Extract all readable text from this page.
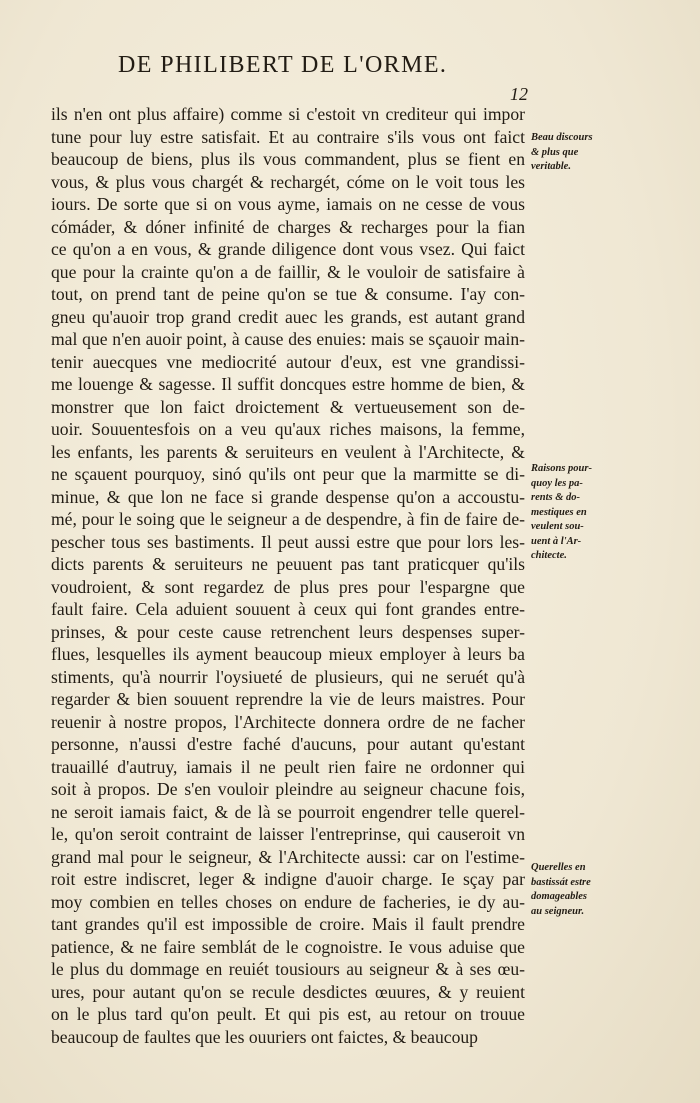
DE PHILIBERT DE L'ORME.
12
ils n'en ont plus affaire) comme si c'estoit vn crediteur qui impor
tune pour luy estre satisfait. Et au contraire s'ils vous ont faict
beaucoup de biens, plus ils vous commandent, plus se fient en
vous, & plus vous chargét & rechargét, cóme on le voit tous les
iours. De sorte que si on vous ayme, iamais on ne cesse de vous
cómáder, & dóner infinité de charges & recharges pour la fian
ce qu'on a en vous, & grande diligence dont vous vsez. Qui faict
que pour la crainte qu'on a de faillir, & le vouloir de satisfaire à
tout, on prend tant de peine qu'on se tue & consume. I'ay con-
gneu qu'auoir trop grand credit auec les grands, est autant grand
mal que n'en auoir point, à cause des enuies: mais se sçauoir main-
tenir auecques vne mediocrité autour d'eux, est vne grandissi-
me louenge & sagesse. Il suffit doncques estre homme de bien, &
monstrer que lon faict droictement & vertueusement son de-
uoir. Souuentesfois on a veu qu'aux riches maisons, la femme,
les enfants, les parents & seruiteurs en veulent à l'Architecte, &
ne sçauent pourquoy, sinó qu'ils ont peur que la marmitte se di-
minue, & que lon ne face si grande despense qu'on a accoustu-
mé, pour le soing que le seigneur a de despendre, à fin de faire de-
pescher tous ses bastiments. Il peut aussi estre que pour lors les-
dicts parents & seruiteurs ne peuuent pas tant praticquer qu'ils
voudroient, & sont regardez de plus pres pour l'espargne que
fault faire. Cela aduient souuent à ceux qui font grandes entre-
prinses, & pour ceste cause retrenchent leurs despenses super-
flues, lesquelles ils ayment beaucoup mieux employer à leurs ba
stiments, qu'à nourrir l'oysiueté de plusieurs, qui ne seruét qu'à
regarder & bien souuent reprendre la vie de leurs maistres. Pour
reuenir à nostre propos, l'Architecte donnera ordre de ne facher
personne, n'aussi d'estre faché d'aucuns, pour autant qu'estant
trauaillé d'autruy, iamais il ne peult rien faire ne ordonner qui
soit à propos. De s'en vouloir pleindre au seigneur chacune fois,
ne seroit iamais faict, & de là se pourroit engendrer telle querel-
le, qu'on seroit contraint de laisser l'entreprinse, qui causeroit vn
grand mal pour le seigneur, & l'Architecte aussi: car on l'estime-
roit estre indiscret, leger & indigne d'auoir charge. Ie sçay par
moy combien en telles choses on endure de facheries, ie dy au-
tant grandes qu'il est impossible de croire. Mais il fault prendre
patience, & ne faire semblát de le cognoistre. Ie vous aduise que
le plus du dommage en reuiét tousiours au seigneur & à ses œu-
ures, pour autant qu'on se recule desdictes œuures, & y reuient
on le plus tard qu'on peult. Et qui pis est, au retour on trouue
beaucoup de faultes que les ouuriers ont faictes, & beaucoup
Beau discours
& plus que
veritable.
Raisons pour-
quoy les pa-
rents & do-
mestiques en
veulent sou-
uent à l'Ar-
chitecte.
Querelles en
bastissát estre
domageables
au seigneur.
